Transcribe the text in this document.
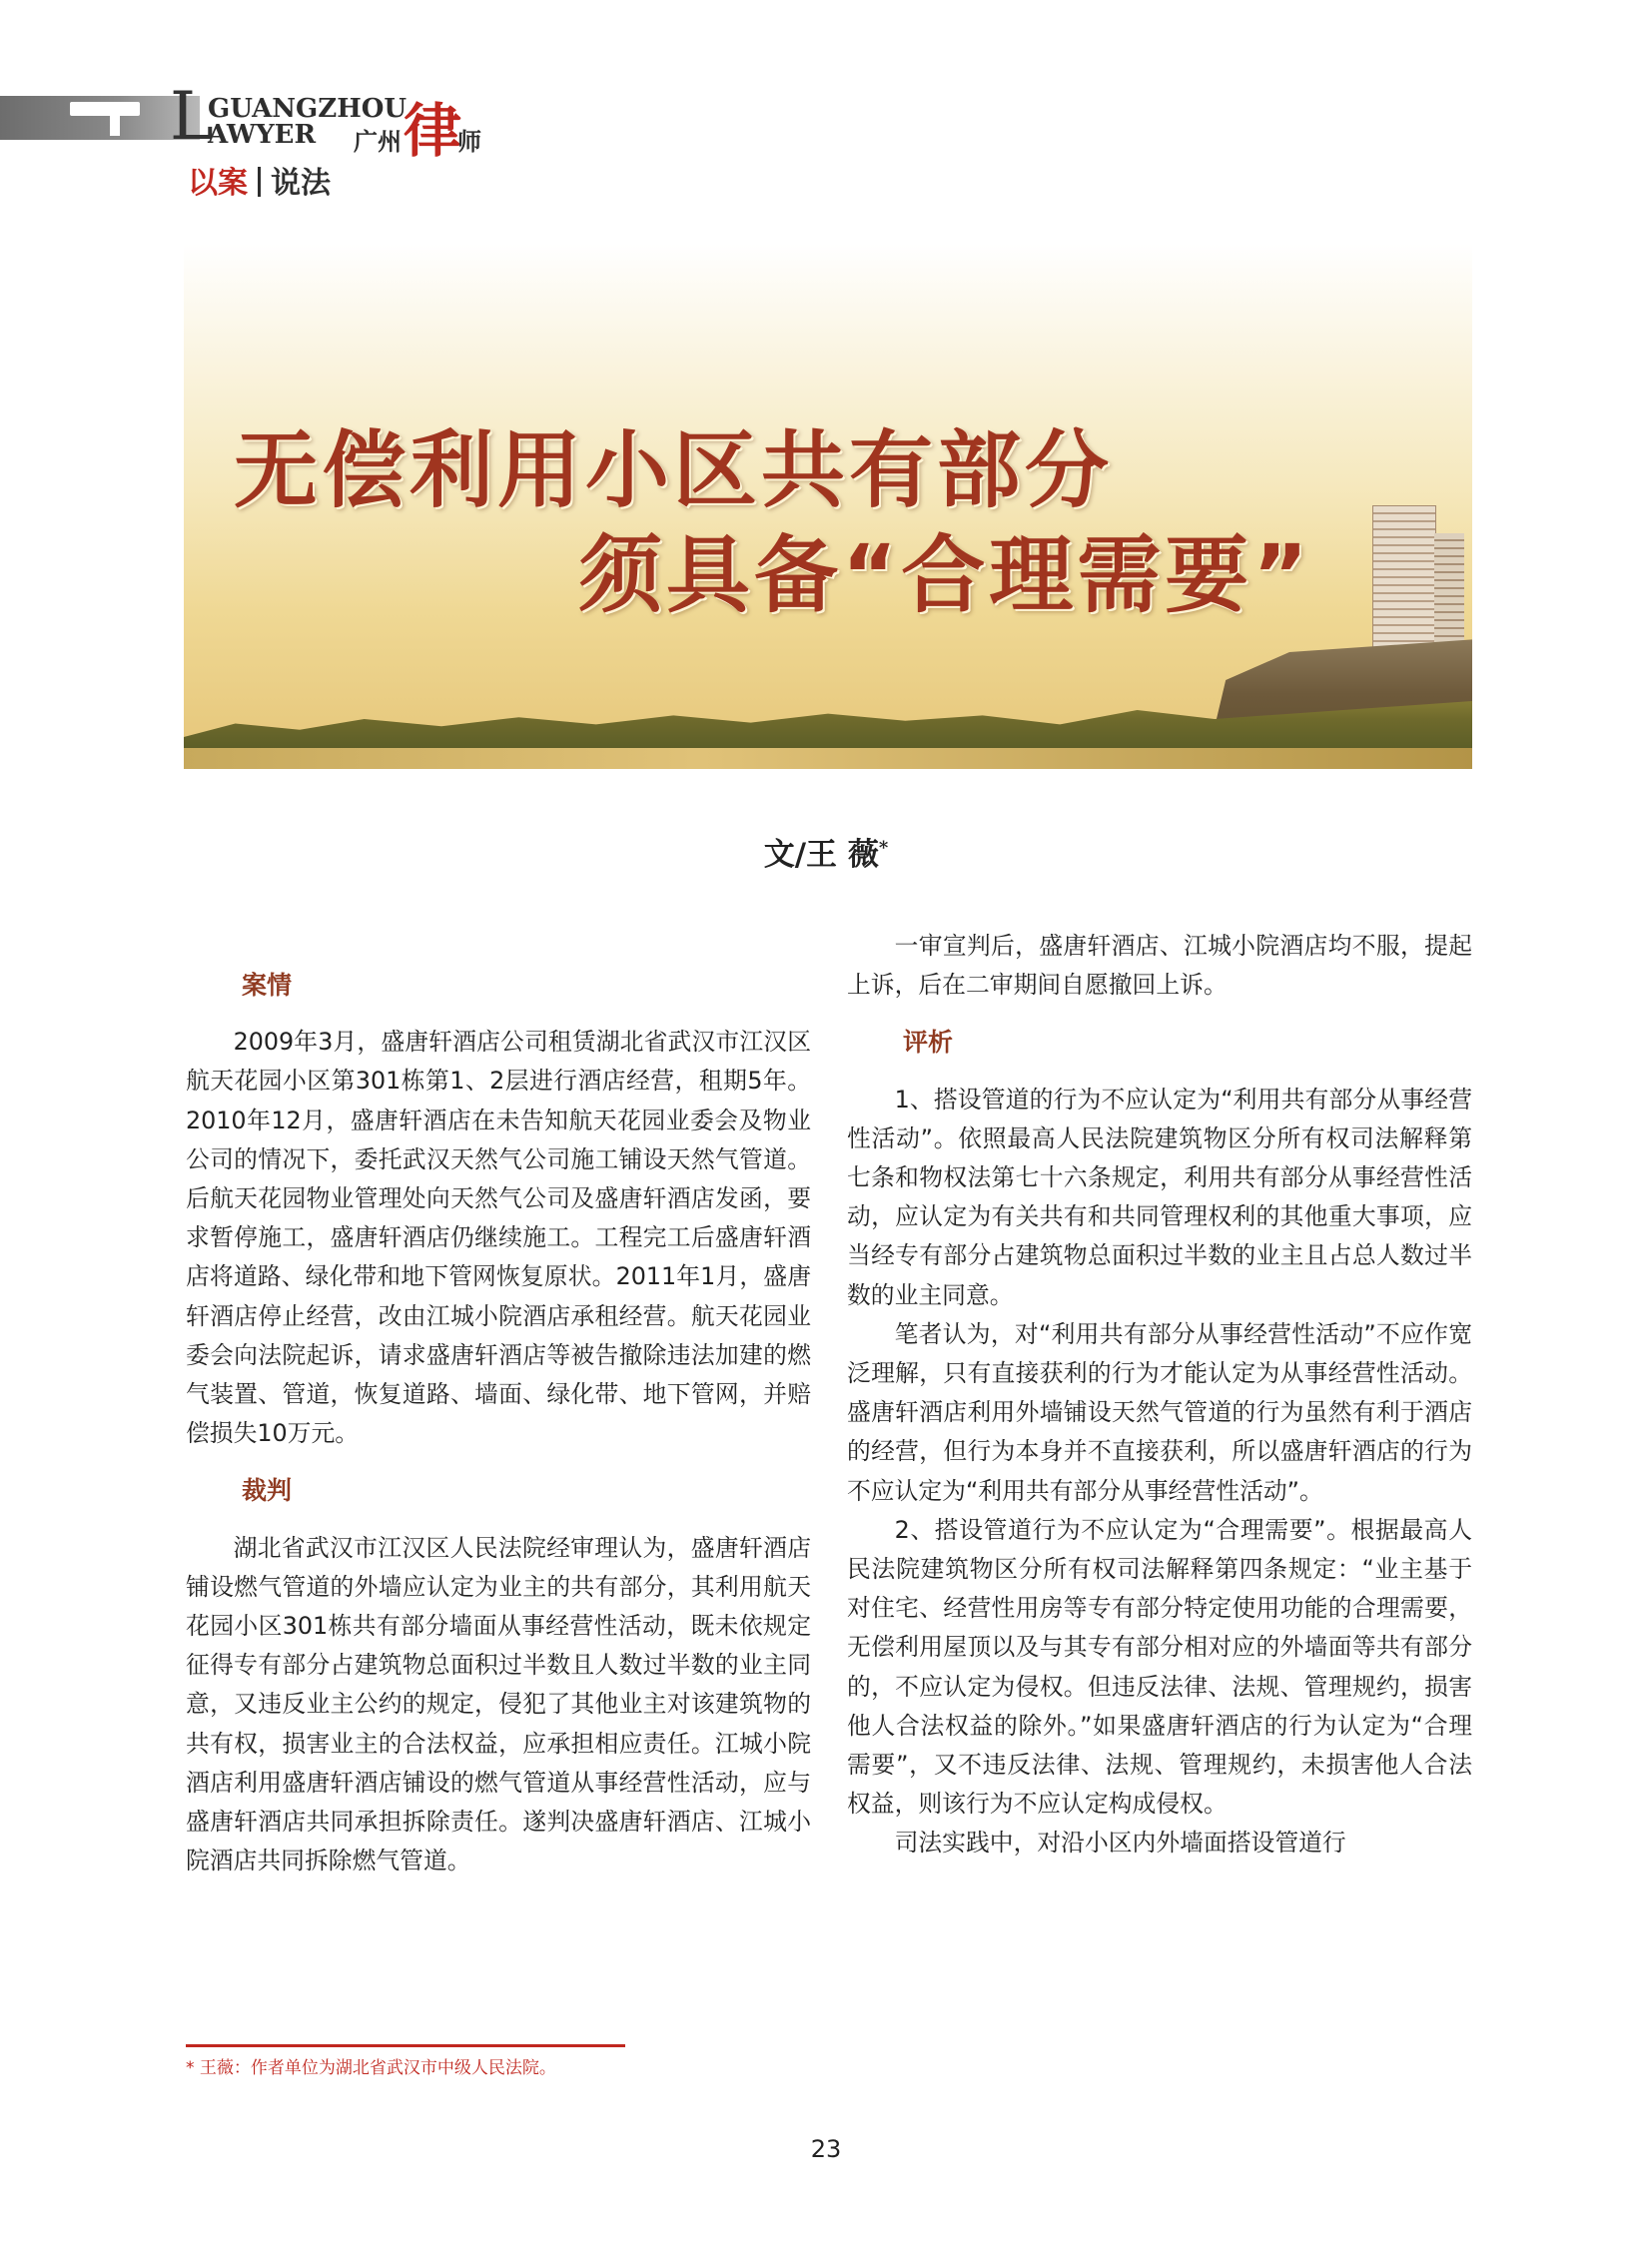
L
GUANGZHOU
AWYER 广州 律
师
以案 说法
无偿利用小区共有部分
须具备“合理需要”
文/王 薇*
案情

2009年3月，盛唐轩酒店公司租赁湖北省武汉市江汉区航天花园小区第301栋第1、2层进行酒店经营，租期5年。2010年12月，盛唐轩酒店在未告知航天花园业委会及物业公司的情况下，委托武汉天然气公司施工铺设天然气管道。后航天花园物业管理处向天然气公司及盛唐轩酒店发函，要求暂停施工，盛唐轩酒店仍继续施工。工程完工后盛唐轩酒店将道路、绿化带和地下管网恢复原状。2011年1月，盛唐轩酒店停止经营，改由江城小院酒店承租经营。航天花园业委会向法院起诉，请求盛唐轩酒店等被告撤除违法加建的燃气装置、管道，恢复道路、墙面、绿化带、地下管网，并赔偿损失10万元。

裁判

湖北省武汉市江汉区人民法院经审理认为，盛唐轩酒店铺设燃气管道的外墙应认定为业主的共有部分，其利用航天花园小区301栋共有部分墙面从事经营性活动，既未依规定征得专有部分占建筑物总面积过半数且人数过半数的业主同意，又违反业主公约的规定，侵犯了其他业主对该建筑物的共有权，损害业主的合法权益，应承担相应责任。江城小院酒店利用盛唐轩酒店铺设的燃气管道从事经营性活动，应与盛唐轩酒店共同承担拆除责任。遂判决盛唐轩酒店、江城小院酒店共同拆除燃气管道。

一审宣判后，盛唐轩酒店、江城小院酒店均不服，提起上诉，后在二审期间自愿撤回上诉。

评析

1、搭设管道的行为不应认定为“利用共有部分从事经营性活动”。依照最高人民法院建筑物区分所有权司法解释第七条和物权法第七十六条规定，利用共有部分从事经营性活动，应认定为有关共有和共同管理权利的其他重大事项，应当经专有部分占建筑物总面积过半数的业主且占总人数过半数的业主同意。

笔者认为，对“利用共有部分从事经营性活动”不应作宽泛理解，只有直接获利的行为才能认定为从事经营性活动。盛唐轩酒店利用外墙铺设天然气管道的行为虽然有利于酒店的经营，但行为本身并不直接获利，所以盛唐轩酒店的行为不应认定为“利用共有部分从事经营性活动”。

2、搭设管道行为不应认定为“合理需要”。根据最高人民法院建筑物区分所有权司法解释第四条规定：“业主基于对住宅、经营性用房等专有部分特定使用功能的合理需要，无偿利用屋顶以及与其专有部分相对应的外墙面等共有部分的，不应认定为侵权。但违反法律、法规、管理规约，损害他人合法权益的除外。”如果盛唐轩酒店的行为认定为“合理需要”，又不违反法律、法规、管理规约，未损害他人合法权益，则该行为不应认定构成侵权。

司法实践中，对沿小区内外墙面搭设管道行

* 王薇：作者单位为湖北省武汉市中级人民法院。
23
